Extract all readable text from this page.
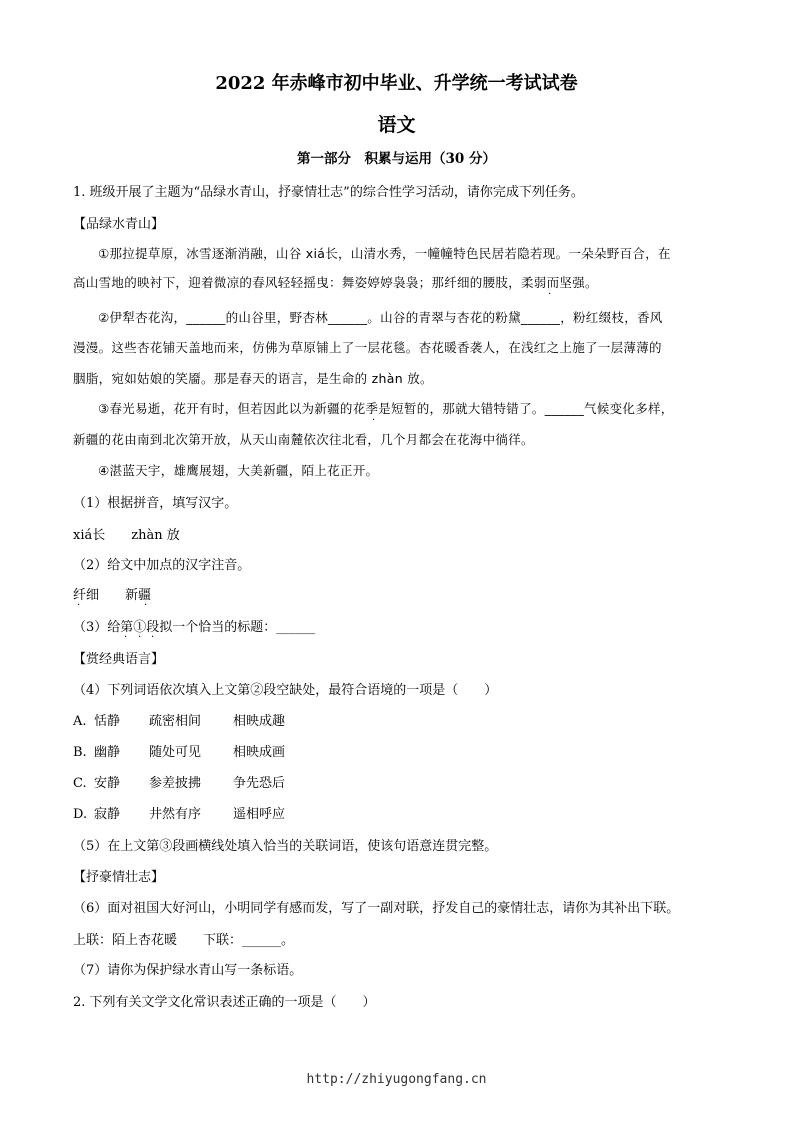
2022 年赤峰市初中毕业、升学统一考试试卷
语文
第一部分　积累与运用（30 分）
1. 班级开展了主题为“品绿水青山，抒豪情壮志”的综合性学习活动，请你完成下列任务。
【品绿水青山】
①那拉提草原，冰雪逐渐消融，山谷 xiá长，山清水秀，一幢幢特色民居若隐若现。一朵朵野百合，在
高山雪地的映衬下，迎着微凉的春风轻轻摇曳：舞姿婷婷袅袅；那纤细的腰肢，柔弱而坚强。
·
②伊犁杏花沟，______的山谷里，野杏林______。山谷的青翠与杏花的粉黛______，粉红缀枝，香风
漫漫。这些杏花铺天盖地而来，仿佛为草原铺上了一层花毯。杏花暖香袭人，在浅红之上施了一层薄薄的
胭脂，宛如姑娘的笑靥。那是春天的语言，是生命的 zhàn 放。
③春光易逝，花开有时，但若因此以为新疆的花季是短暂的，那就大错特错了。______气候变化多样，
·
新疆的花由南到北次第开放，从天山南麓依次往北看，几个月都会在花海中徜徉。
④湛蓝天宇，雄鹰展翅，大美新疆，陌上花正开。
（1）根据拼音，填写汉字。
xiá长　　zhàn 放
（2）给文中加点的汉字注音。
纤细　　新疆
·	·
（3）给第①段拟一个恰当的标题：______
· · ·
【赏经典语言】
（4）下列词语依次填入上文第②段空缺处，最符合语境的一项是（　　）
A. 恬静 疏密相间 相映成趣
B. 幽静 随处可见 相映成画
C. 安静 参差披拂 争先恐后
D. 寂静 井然有序 遥相呼应
（5）在上文第③段画横线处填入恰当的关联词语，使该句语意连贯完整。
【抒豪情壮志】
（6）面对祖国大好河山，小明同学有感而发，写了一副对联，抒发自己的豪情壮志，请你为其补出下联。
上联：陌上杏花暖　　下联：______。
（7）请你为保护绿水青山写一条标语。
2. 下列有关文学文化常识表述正确的一项是（　　）
http://zhiyugongfang.cn
